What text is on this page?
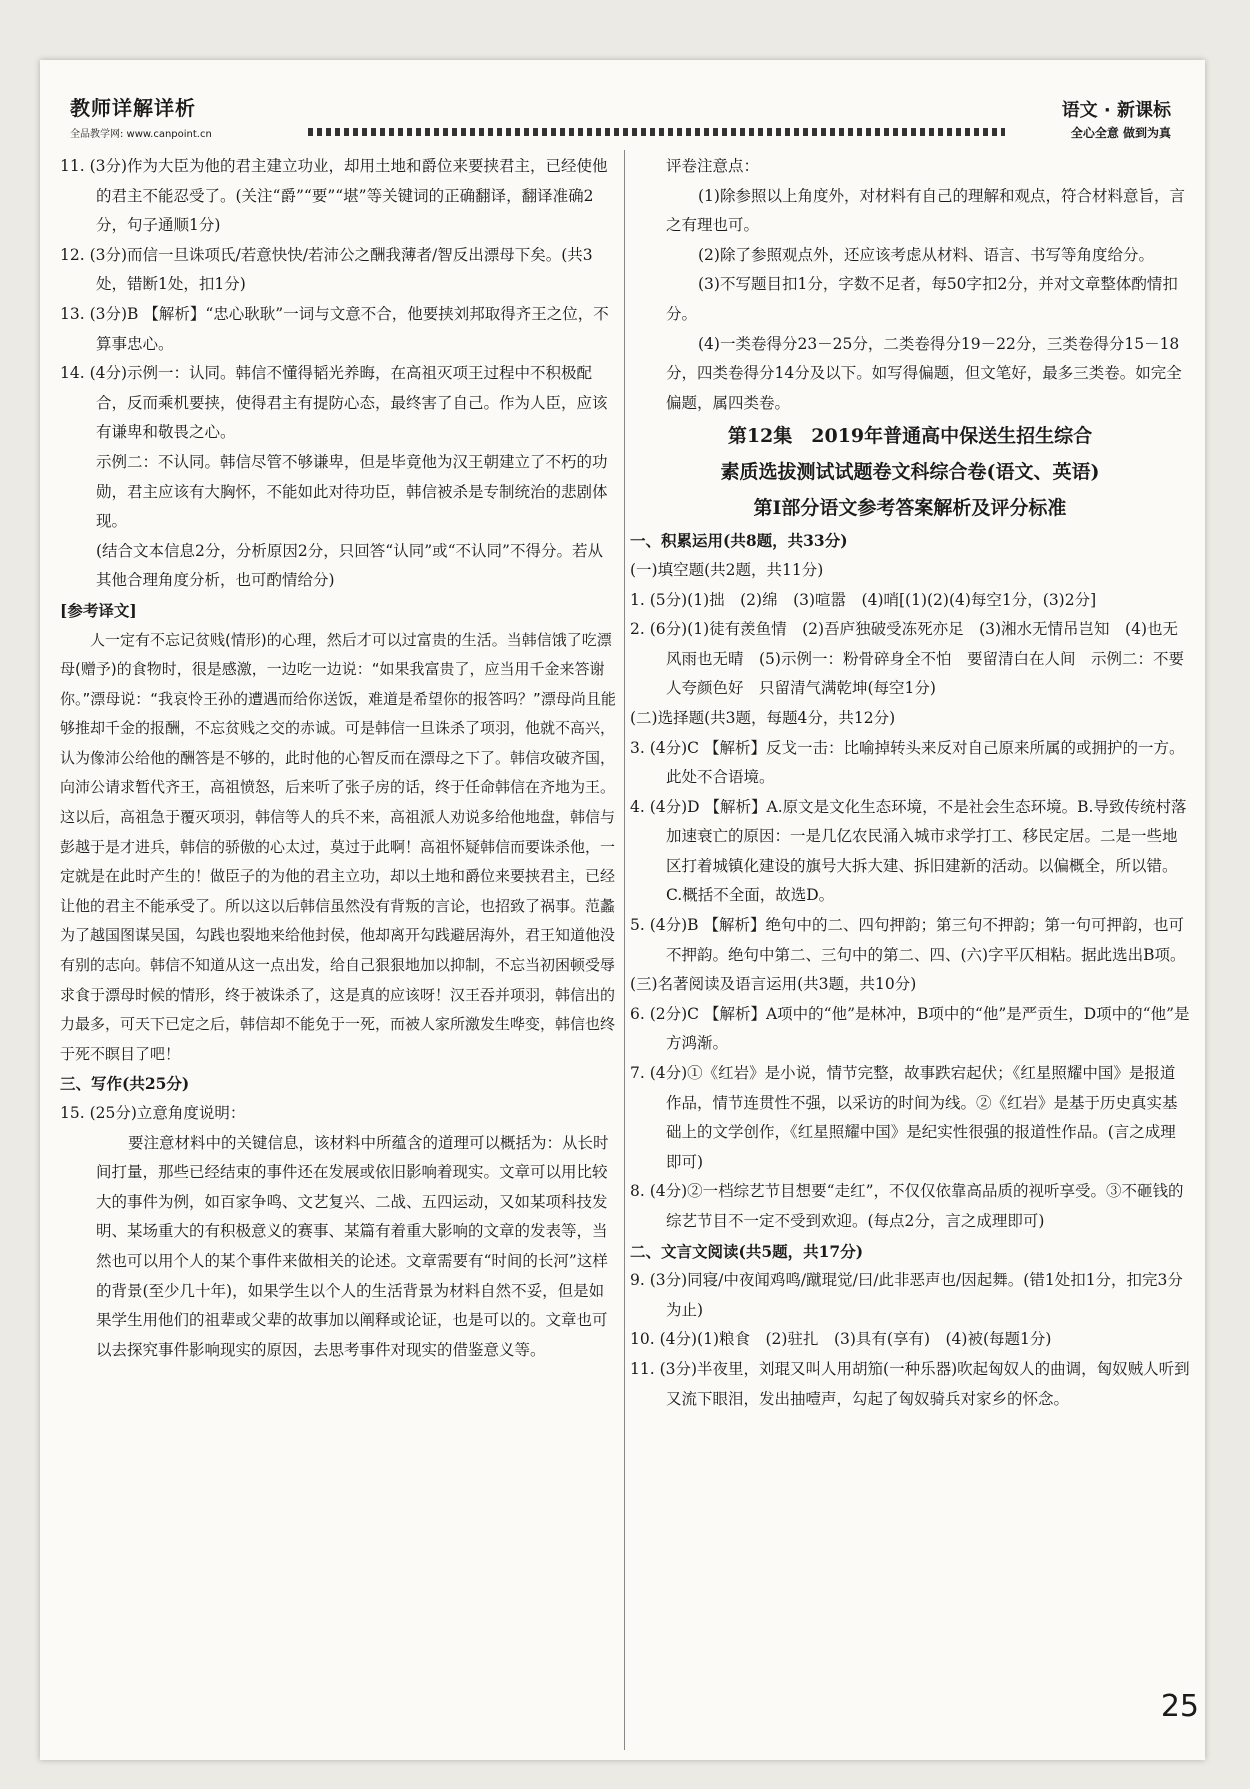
教师详解详析
全品教学网: www.canpoint.cn
语文 · 新课标
全心全意 做到为真

11. (3分)作为大臣为他的君主建立功业，却用土地和爵位来要挟君主，已经使他的君主不能忍受了。(关注“爵”“要”“堪”等关键词的正确翻译，翻译准确2分，句子通顺1分)

12. (3分)而信一旦诛项氏/若意快快/若沛公之酬我薄者/智反出漂母下矣。(共3处，错断1处，扣1分)

13. (3分)B 【解析】“忠心耿耿”一词与文意不合，他要挟刘邦取得齐王之位，不算事忠心。

14. (4分)示例一：认同。韩信不懂得韬光养晦，在高祖灭项王过程中不积极配合，反而乘机要挟，使得君主有提防心态，最终害了自己。作为人臣，应该有谦卑和敬畏之心。

示例二：不认同。韩信尽管不够谦卑，但是毕竟他为汉王朝建立了不朽的功勋，君主应该有大胸怀，不能如此对待功臣，韩信被杀是专制统治的悲剧体现。

(结合文本信息2分，分析原因2分，只回答“认同”或“不认同”不得分。若从其他合理角度分析，也可酌情给分)

[参考译文]

人一定有不忘记贫贱(情形)的心理，然后才可以过富贵的生活。当韩信饿了吃漂母(赠予)的食物时，很是感激，一边吃一边说：“如果我富贵了，应当用千金来答谢你。”漂母说：“我哀怜王孙的遭遇而给你送饭，难道是希望你的报答吗？”漂母尚且能够推却千金的报酬，不忘贫贱之交的赤诚。可是韩信一旦诛杀了项羽，他就不高兴，认为像沛公给他的酬答是不够的，此时他的心智反而在漂母之下了。韩信攻破齐国，向沛公请求暂代齐王，高祖愤怒，后来听了张子房的话，终于任命韩信在齐地为王。这以后，高祖急于覆灭项羽，韩信等人的兵不来，高祖派人劝说多给他地盘，韩信与彭越于是才进兵，韩信的骄傲的心太过，莫过于此啊！高祖怀疑韩信而要诛杀他，一定就是在此时产生的！做臣子的为他的君主立功，却以土地和爵位来要挟君主，已经让他的君主不能承受了。所以这以后韩信虽然没有背叛的言论，也招致了祸事。范蠡为了越国图谋吴国，勾践也裂地来给他封侯，他却离开勾践避居海外，君王知道他没有别的志向。韩信不知道从这一点出发，给自己狠狠地加以抑制，不忘当初困顿受辱求食于漂母时候的情形，终于被诛杀了，这是真的应该呀！汉王吞并项羽，韩信出的力最多，可天下已定之后，韩信却不能免于一死，而被人家所激发生哗变，韩信也终于死不瞑目了吧！

三、写作(共25分)

15. (25分)立意角度说明：

要注意材料中的关键信息，该材料中所蕴含的道理可以概括为：从长时间打量，那些已经结束的事件还在发展或依旧影响着现实。文章可以用比较大的事件为例，如百家争鸣、文艺复兴、二战、五四运动，又如某项科技发明、某场重大的有积极意义的赛事、某篇有着重大影响的文章的发表等，当然也可以用个人的某个事件来做相关的论述。文章需要有“时间的长河”这样的背景(至少几十年)，如果学生以个人的生活背景为材料自然不妥，但是如果学生用他们的祖辈或父辈的故事加以阐释或论证，也是可以的。文章也可以去探究事件影响现实的原因，去思考事件对现实的借鉴意义等。

评卷注意点：

(1)除参照以上角度外，对材料有自己的理解和观点，符合材料意旨，言之有理也可。

(2)除了参照观点外，还应该考虑从材料、语言、书写等角度给分。

(3)不写题目扣1分，字数不足者，每50字扣2分，并对文章整体酌情扣分。

(4)一类卷得分23－25分，二类卷得分19－22分，三类卷得分15－18分，四类卷得分14分及以下。如写得偏题，但文笔好，最多三类卷。如完全偏题，属四类卷。

第12集　2019年普通高中保送生招生综合

素质选拔测试试题卷文科综合卷(语文、英语)

第Ⅰ部分语文参考答案解析及评分标准

一、积累运用(共8题，共33分)

(一)填空题(共2题，共11分)

1. (5分)(1)拙　(2)绵　(3)喧嚣　(4)哨[(1)(2)(4)每空1分，(3)2分]

2. (6分)(1)徒有羡鱼情　(2)吾庐独破受冻死亦足　(3)湘水无情吊岂知　(4)也无风雨也无晴　(5)示例一：粉骨碎身全不怕　要留清白在人间　示例二：不要人夸颜色好　只留清气满乾坤(每空1分)

(二)选择题(共3题，每题4分，共12分)

3. (4分)C 【解析】反戈一击：比喻掉转头来反对自己原来所属的或拥护的一方。此处不合语境。

4. (4分)D 【解析】A.原文是文化生态环境，不是社会生态环境。B.导致传统村落加速衰亡的原因：一是几亿农民涌入城市求学打工、移民定居。二是一些地区打着城镇化建设的旗号大拆大建、拆旧建新的活动。以偏概全，所以错。C.概括不全面，故选D。

5. (4分)B 【解析】绝句中的二、四句押韵；第三句不押韵；第一句可押韵，也可不押韵。绝句中第二、三句中的第二、四、(六)字平仄相粘。据此选出B项。

(三)名著阅读及语言运用(共3题，共10分)

6. (2分)C 【解析】A项中的“他”是林冲，B项中的“他”是严贡生，D项中的“他”是方鸿渐。

7. (4分)①《红岩》是小说，情节完整，故事跌宕起伏；《红星照耀中国》是报道作品，情节连贯性不强，以采访的时间为线。②《红岩》是基于历史真实基础上的文学创作，《红星照耀中国》是纪实性很强的报道性作品。(言之成理即可)

8. (4分)②一档综艺节目想要“走红”，不仅仅依靠高品质的视听享受。③不砸钱的综艺节目不一定不受到欢迎。(每点2分，言之成理即可)

二、文言文阅读(共5题，共17分)

9. (3分)同寝/中夜闻鸡鸣/蹴琨觉/曰/此非恶声也/因起舞。(错1处扣1分，扣完3分为止)

10. (4分)(1)粮食　(2)驻扎　(3)具有(享有)　(4)被(每题1分)

11. (3分)半夜里，刘琨又叫人用胡笳(一种乐器)吹起匈奴人的曲调，匈奴贼人听到又流下眼泪，发出抽噎声，勾起了匈奴骑兵对家乡的怀念。

25
